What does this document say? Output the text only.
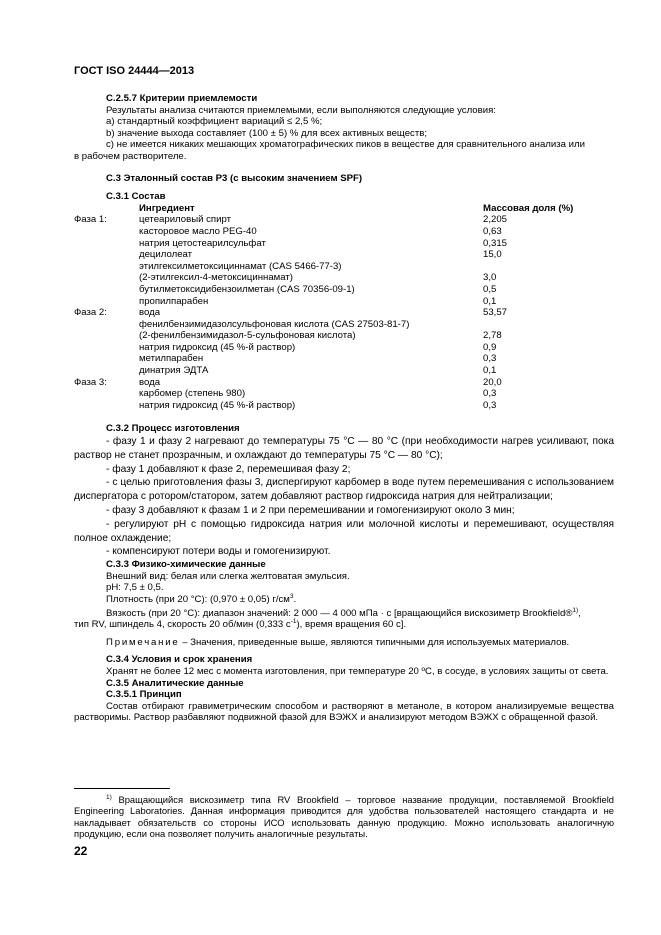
ГОСТ ISO 24444—2013
С.2.5.7 Критерии приемлемости
Результаты анализа считаются приемлемыми, если выполняются следующие условия:
a) стандартный коэффициент вариаций ≤ 2,5 %;
b) значение выхода составляет (100 ± 5) % для всех активных веществ;
c) не имеется никаких мешающих хроматографических пиков в веществе для сравнительного анализа или
в рабочем растворителе.
С.3 Эталонный состав Р3 (с высоким значением SPF)
С.3.1 Состав
	Ингредиент	Массовая доля (%)
Фаза 1:	цетеариловый спирт	2,205
	касторовое масло PEG-40	0,63
	натрия цетостеарилсульфат	0,315
	децилолеат	15,0
	этилгексилметоксициннамат (CAS 5466-77-3)	
	(2-этилгексил-4-метоксициннамат)	3,0
	бутилметоксидибензоилметан (CAS 70356-09-1)	0,5
	пропилпарабен	0,1
Фаза 2:	вода	53,57
	фенилбензимидазолсульфоновая кислота (CAS 27503-81-7)	
	(2-фенилбензимидазол-5-сульфоновая кислота)	2,78
	натрия гидроксид (45 %-й раствор)	0,9
	метилпарабен	0,3
	динатрия ЭДТА	0,1
Фаза 3:	вода	20,0
	карбомер (степень 980)	0,3
	натрия гидроксид (45 %-й раствор)	0,3
С.3.2 Процесс изготовления

- фазу 1 и фазу 2 нагревают до температуры 75 °С — 80 °С (при необходимости нагрев усиливают, пока раствор не станет прозрачным, и охлаждают до температуры 75 °С — 80 °С);

- фазу 1 добавляют к фазе 2, перемешивая фазу 2;

- с целью приготовления фазы 3, диспергируют карбомер в воде путем перемешивания с использованием диспергатора с ротором/статором, затем добавляют раствор гидроксида натрия для нейтрализации;

- фазу 3 добавляют к фазам 1 и 2 при перемешивании и гомогенизируют около 3 мин;

- регулируют pH с помощью гидроксида натрия или молочной кислоты и перемешивают, осуществляя полное охлаждение;

- компенсируют потери воды и гомогенизируют.

С.3.3 Физико-химические данные
Внешний вид: белая или слегка желтоватая эмульсия.
pH: 7,5 ± 0,5.
Плотность (при 20 °С): (0,970 ± 0,05) $г/см^3$.
Вязкость (при 20 °С): диапазон значений: 2 000 — 4 000 мПа · с [вращающийся вискозиметр Brookfield®$^{1)}$,
тип RV, шпиндель 4, скорость 20 об/мин (0,333 $с^{-1}$), время вращения 60 с].
Примечание – Значения, приведенные выше, являются типичными для используемых материалов.
С.3.4 Условия и срок хранения
Хранят не более 12 мес с момента изготовления, при температуре 20 ºС, в сосуде, в условиях защиты от света.
С.3.5 Аналитические данные
С.3.5.1 Принцип
Состав отбирают гравиметрическим способом и растворяют в метаноле, в котором анализируемые вещества растворимы. Раствор разбавляют подвижной фазой для ВЭЖХ и анализируют методом ВЭЖХ с обращенной фазой.
$^{1)}$ Вращающийся вискозиметр типа RV Brookfield – торговое название продукции, поставляемой Brookfield Engineering Laboratories. Данная информация приводится для удобства пользователей настоящего стандарта и не накладывает обязательств со стороны ИСО использовать данную продукцию. Можно использовать аналогичную продукцию, если она позволяет получить аналогичные результаты.
22
